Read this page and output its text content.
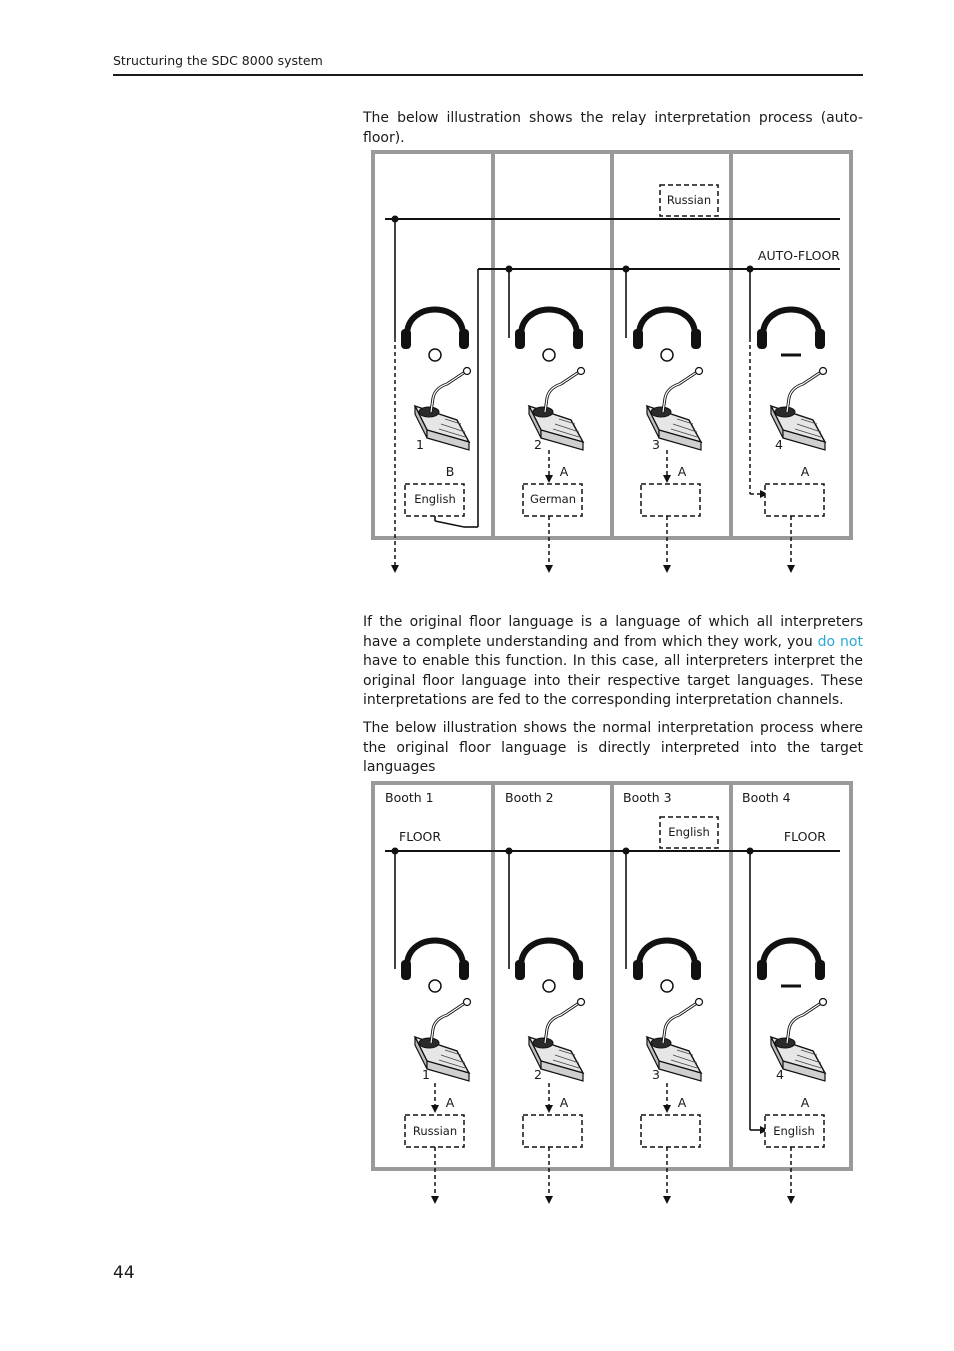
Structuring the SDC 8000 system

The below illustration shows the relay interpretation process (auto-floor).

Russian
AUTO-FLOOR
1	2	3	4
B	A	A	A
English	German

If the original floor language is a language of which all interpreters have a complete understanding and from which they work, you do not have to enable this function. In this case, all interpreters interpret the original floor language into their respective target languages. These interpretations are fed to the corresponding interpretation channels.

The below illustration shows the normal interpretation process where the original floor language is directly interpreted into the target languages

Booth 1	Booth 2	Booth 3	Booth 4
FLOOR	FLOOR
English
1	2	3	4
A	A	A	A
Russian	English
44
